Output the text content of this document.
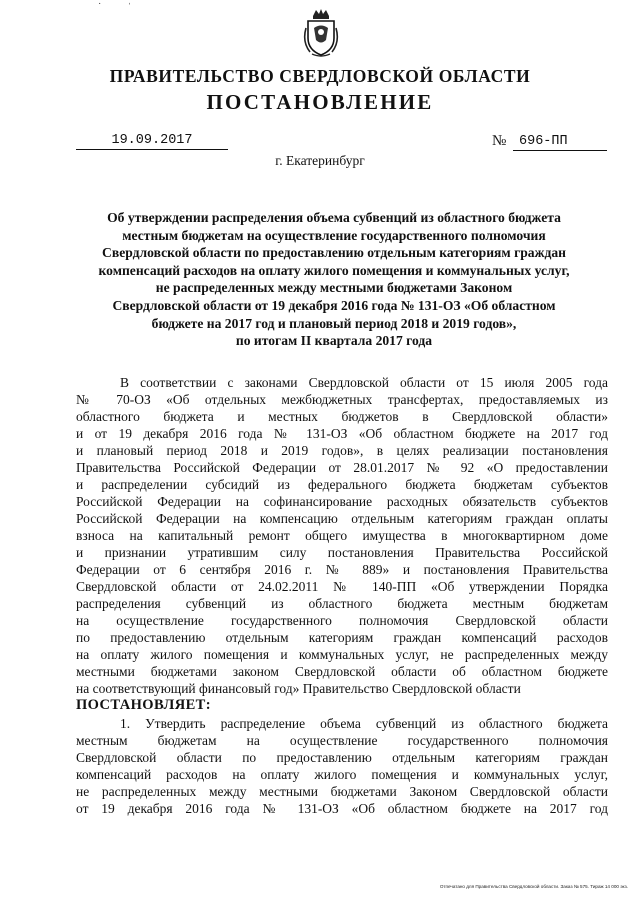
˙ ˈ
ПРАВИТЕЛЬСТВО СВЕРДЛОВСКОЙ ОБЛАСТИ
ПОСТАНОВЛЕНИЕ
19.09.2017	№ 696-ПП
г. Екатеринбург
Об утверждении распределения объема субвенций из областного бюджета
местным бюджетам на осуществление государственного полномочия
Свердловской области по предоставлению отдельным категориям граждан
компенсаций расходов на оплату жилого помещения и коммунальных услуг,
не распределенных между местными бюджетами Законом
Свердловской области от 19 декабря 2016 года № 131-ОЗ «Об областном
бюджете на 2017 год и плановый период 2018 и 2019 годов»,
по итогам II квартала 2017 года
В соответствии с законами Свердловской области от 15 июля 2005 года
№ 70-ОЗ «Об отдельных межбюджетных трансфертах, предоставляемых из
областного бюджета и местных бюджетов в Свердловской области»
и от 19 декабря 2016 года № 131-ОЗ «Об областном бюджете на 2017 год
и плановый период 2018 и 2019 годов», в целях реализации постановления
Правительства Российской Федерации от 28.01.2017 № 92 «О предоставлении
и распределении субсидий из федерального бюджета бюджетам субъектов
Российской Федерации на софинансирование расходных обязательств субъектов
Российской Федерации на компенсацию отдельным категориям граждан оплаты
взноса на капитальный ремонт общего имущества в многоквартирном доме
и признании утратившим силу постановления Правительства Российской
Федерации от 6 сентября 2016 г. № 889» и постановления Правительства
Свердловской области от 24.02.2011 № 140-ПП «Об утверждении Порядка
распределения субвенций из областного бюджета местным бюджетам
на осуществление государственного полномочия Свердловской области
по предоставлению отдельным категориям граждан компенсаций расходов
на оплату жилого помещения и коммунальных услуг, не распределенных между
местными бюджетами законом Свердловской области об областном бюджете
на соответствующий финансовый год» Правительство Свердловской области
ПОСТАНОВЛЯЕТ:
1. Утвердить распределение объема субвенций из областного бюджета
местным бюджетам на осуществление государственного полномочия
Свердловской области по предоставлению отдельным категориям граждан
компенсаций расходов на оплату жилого помещения и коммунальных услуг,
не распределенных между местными бюджетами Законом Свердловской области
от 19 декабря 2016 года № 131-ОЗ «Об областном бюджете на 2017 год
Отпечатано для Правительства Свердловской области. Заказ № 575. Тираж 14 000 экз.
